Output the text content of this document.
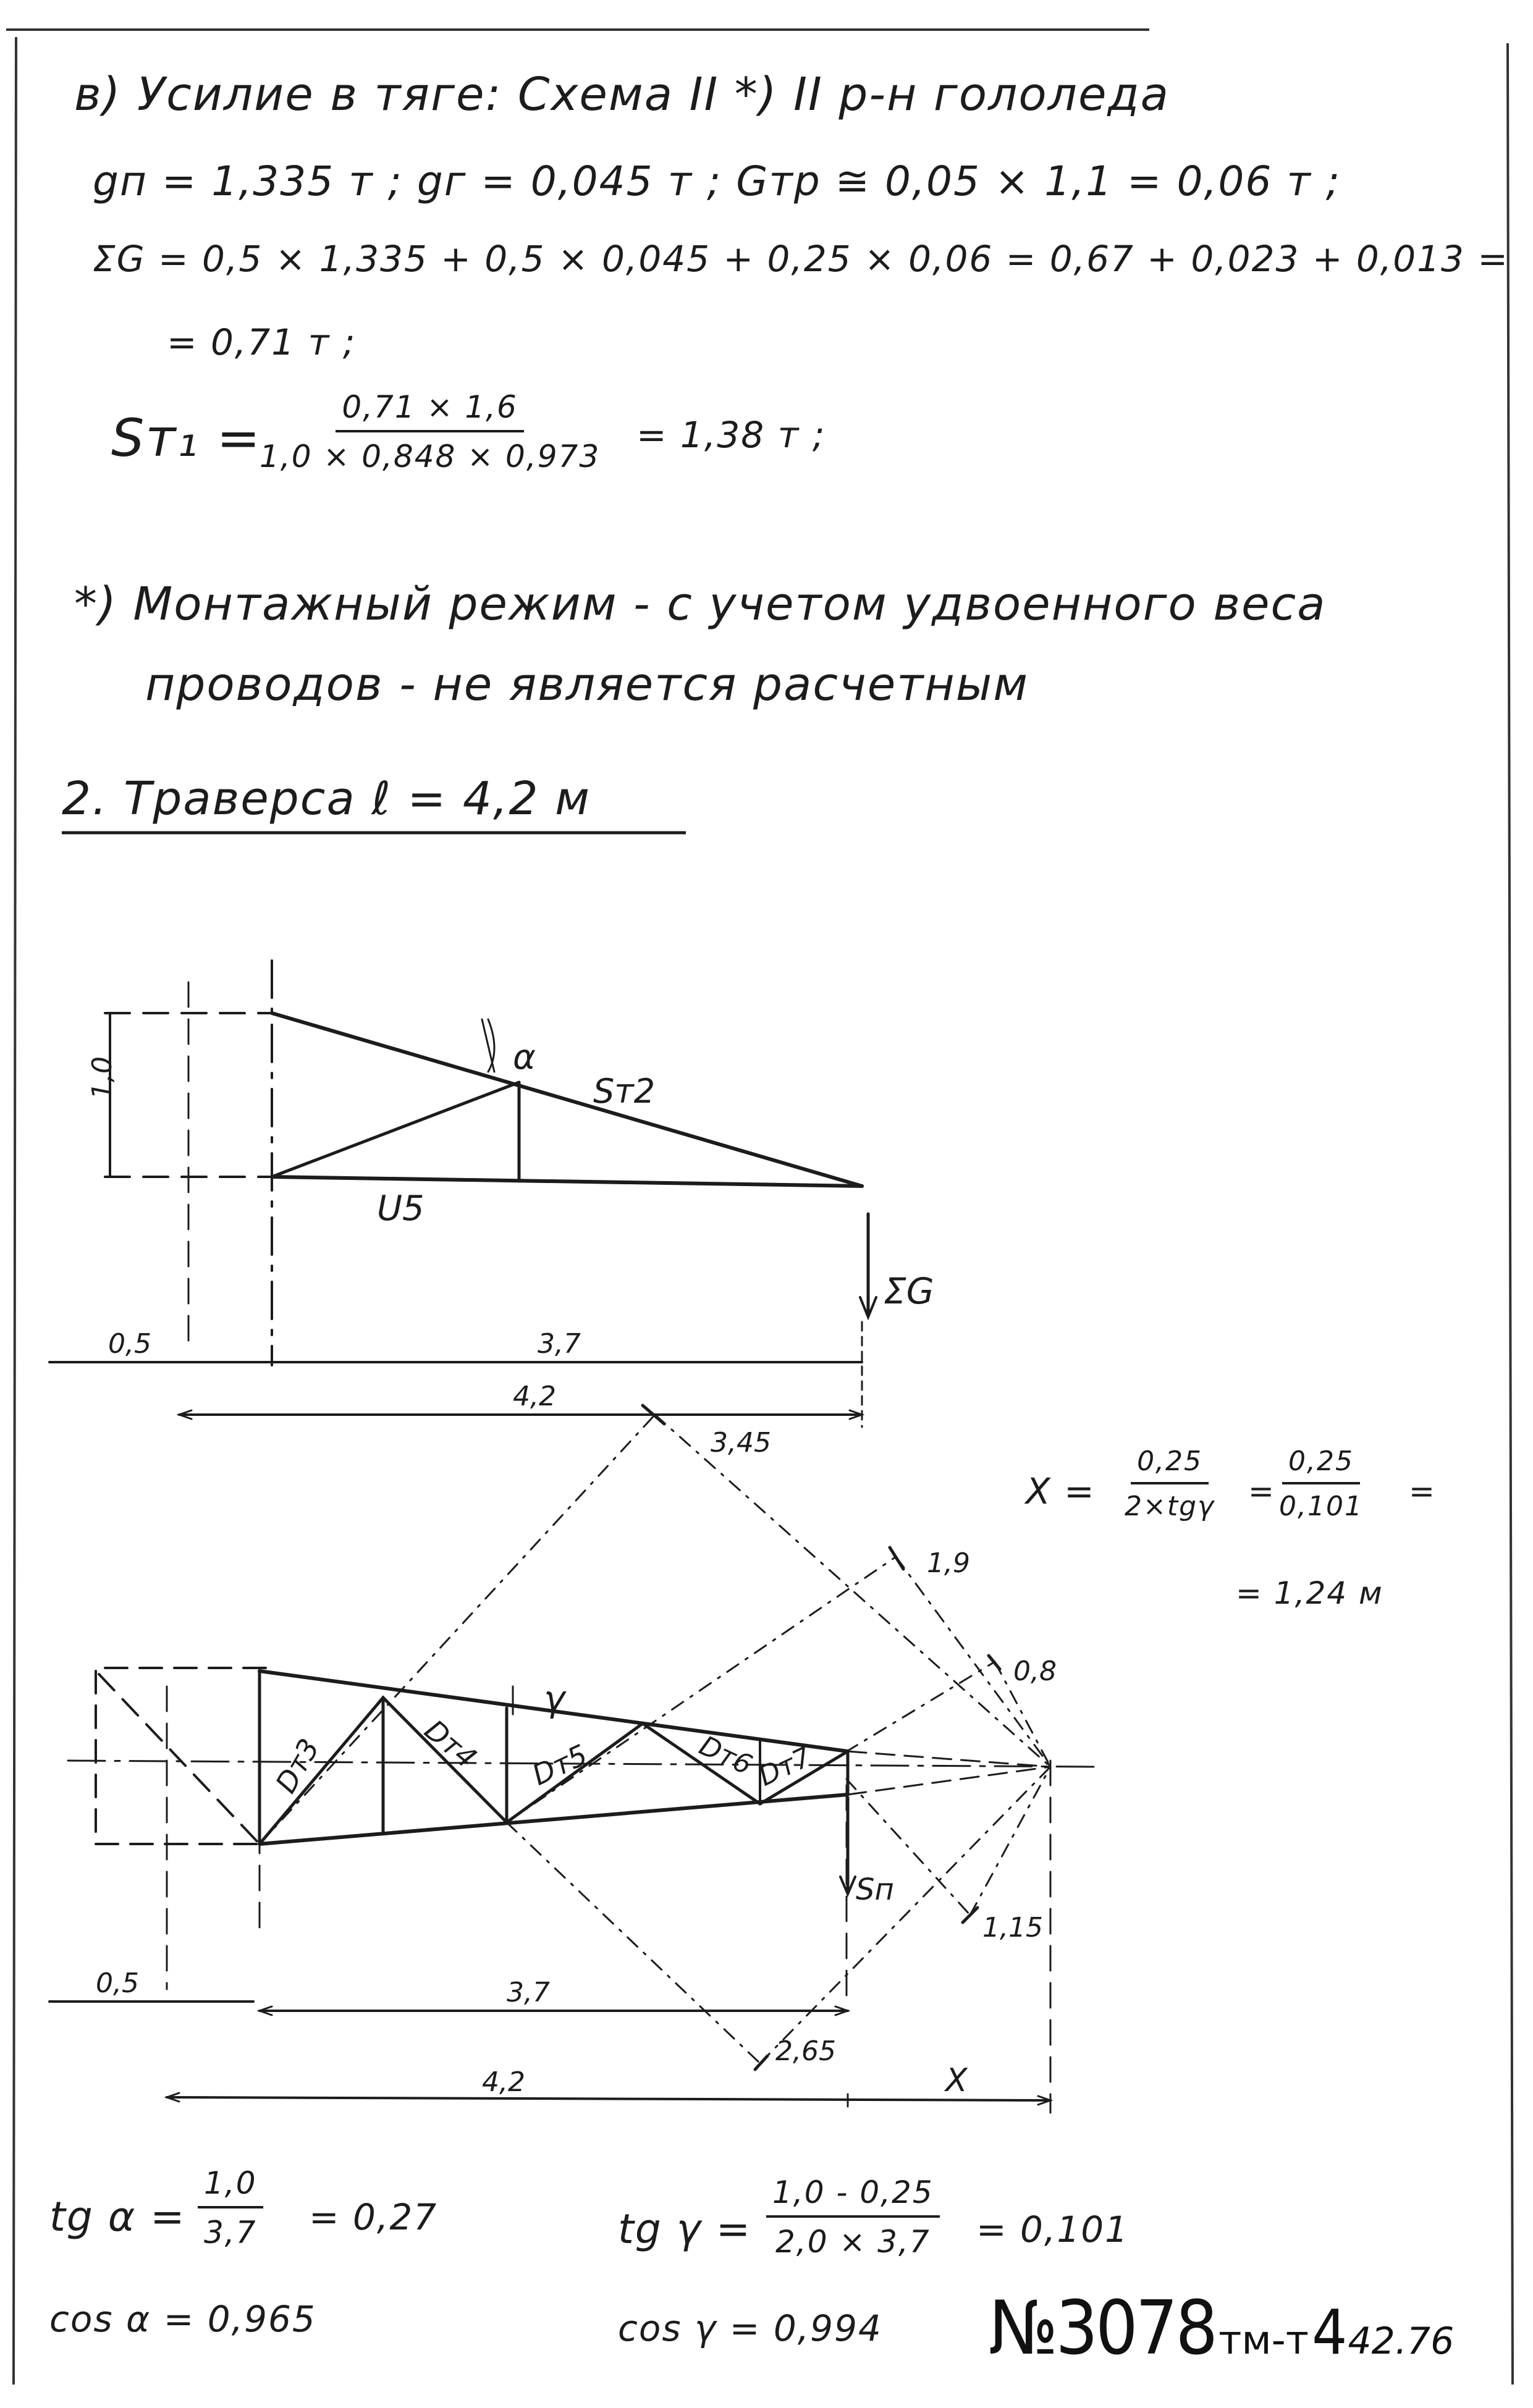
в) Усилие в тяге: Схема II *) II р-н гололеда
gп = 1,335 т ; gг = 0,045 т ; Gтр ≅ 0,05 × 1,1 = 0,06 т ;
ΣG = 0,5 × 1,335 + 0,5 × 0,045 + 0,25 × 0,06 = 0,67 + 0,023 + 0,013 =
= 0,71 т ;
Sт₁ =
$\frac{0,71 \times 1,6}{1,0 \times 0,848 \times 0,973} = 1,38$ т ;
*) Монтажный режим - с учетом удвоенного веса
проводов - не является расчетным
2. Траверса ℓ = 4,2 м
1,0	α
Sт2
U5
ΣG
0,5	3,7
4,2
γ
Dт3	Dт4 Dт5	Dт6
Dт7
Sп
3,45
1,9
0,8
1,15
2,65
0,5	3,7
4,2	X
X =
0,25
2×tgγ =
$\frac{0,25}{0,101}$ =
= 1,24 м
tg $\alpha = \frac{1,0}{3,7} = 0,27$
cos α = 0,965
tg $\gamma = \frac{1,0 - 0,25}{2,0 \times 3,7} = 0,101$
cos γ = 0,994 №3078 тм-т 4 42.76
